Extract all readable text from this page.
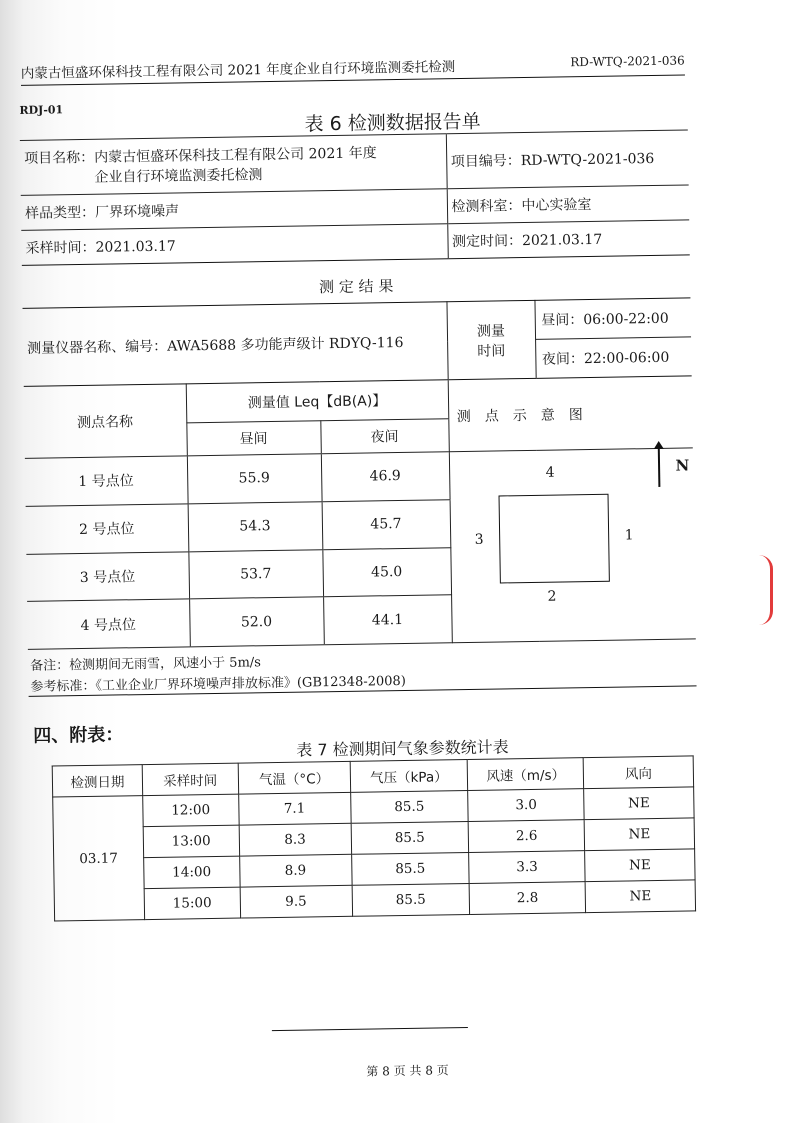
内蒙古恒盛环保科技工程有限公司 2021 年度企业自行环境监测委托检测	RD-WTQ-2021-036
RDJ-01
表 6 检测数据报告单
项目名称：内蒙古恒盛环保科技工程有限公司 2021 年度
企业自行环境监测委托检测	项目编号：RD-WTQ-2021-036
样品类型：厂界环境噪声	检测科室：中心实验室
采样时间：2021.03.17	测定时间：2021.03.17
测 定 结 果				
测量仪器名称、编号：AWA5688 多功能声级计 RDYQ-116			测量
时间	昼间：06:00-22:00
				夜间：22:00-06:00
测点名称	测量值 Leq【dB(A)】		测　点　示　意　图	
	昼间	夜间		
1 号点位	55.9	46.9	4
1
2
3
N	

2 号点位	54.3	45.7		
3 号点位	53.7	45.0		
4 号点位	52.0	44.1		
备注：检测期间无雨雪，风速小于 5m/s
参考标准：《工业企业厂界环境噪声排放标准》(GB12348-2008)
四、附表：
表 7 检测期间气象参数统计表
检测日期	采样时间	气温（°C）	气压（kPa）	风速（m/s）	风向
03.17	12:00	7.1	85.5	3.0	NE
	13:00	8.3	85.5	2.6	NE
	14:00	8.9	85.5	3.3	NE
	15:00	9.5	85.5	2.8	NE
第 8 页 共 8 页
